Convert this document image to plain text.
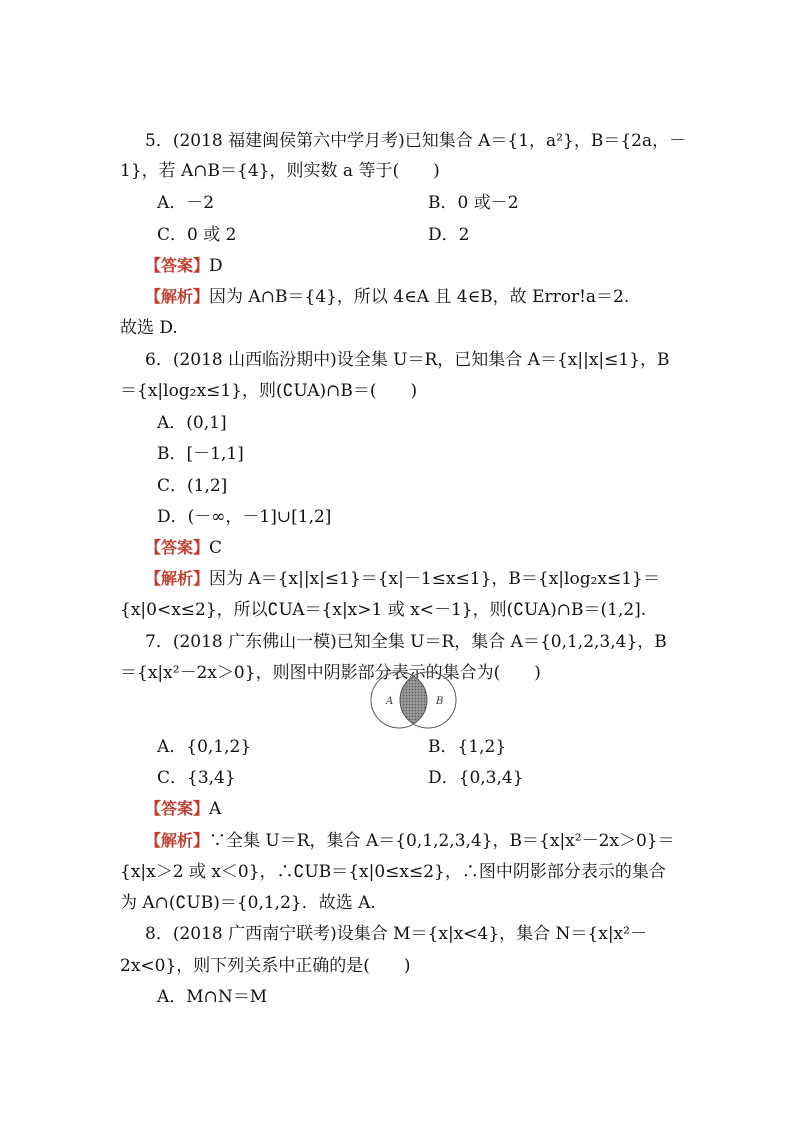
5．(2018 福建闽侯第六中学月考)已知集合 A＝{1，a²}，B＝{2a，－
1}，若 A∩B＝{4}，则实数 a 等于(　　)
A．－2	B．0 或－2
C．0 或 2	D．2
【答案】D
【解析】因为 A∩B＝{4}，所以 4∈A 且 4∈B，故 Error!a＝2.
故选 D.
6．(2018 山西临汾期中)设全集 U＝R，已知集合 A＝{x||x|≤1}，B
＝{x|log₂x≤1}，则(∁UA)∩B＝(　　)
A．(0,1]
B．[－1,1]
C．(1,2]
D．(－∞，－1]∪[1,2]
【答案】C
【解析】因为 A＝{x||x|≤1}＝{x|－1≤x≤1}，B＝{x|log₂x≤1}＝
{x|0<x≤2}，所以∁UA＝{x|x>1 或 x<－1}，则(∁UA)∩B＝(1,2].
7．(2018 广东佛山一模)已知全集 U＝R，集合 A＝{0,1,2,3,4}，B
＝{x|x²－2x＞0}，则图中阴影部分表示的集合为(　　)
A	B
A．{0,1,2}	B．{1,2}
C．{3,4}	D．{0,3,4}
【答案】A
【解析】∵全集 U＝R，集合 A＝{0,1,2,3,4}，B＝{x|x²－2x＞0}＝
{x|x＞2 或 x＜0}，∴∁UB＝{x|0≤x≤2}，∴图中阴影部分表示的集合
为 A∩(∁UB)＝{0,1,2}．故选 A.
8．(2018 广西南宁联考)设集合 M＝{x|x<4}，集合 N＝{x|x²－
2x<0}，则下列关系中正确的是(　　)
A．M∩N＝M
